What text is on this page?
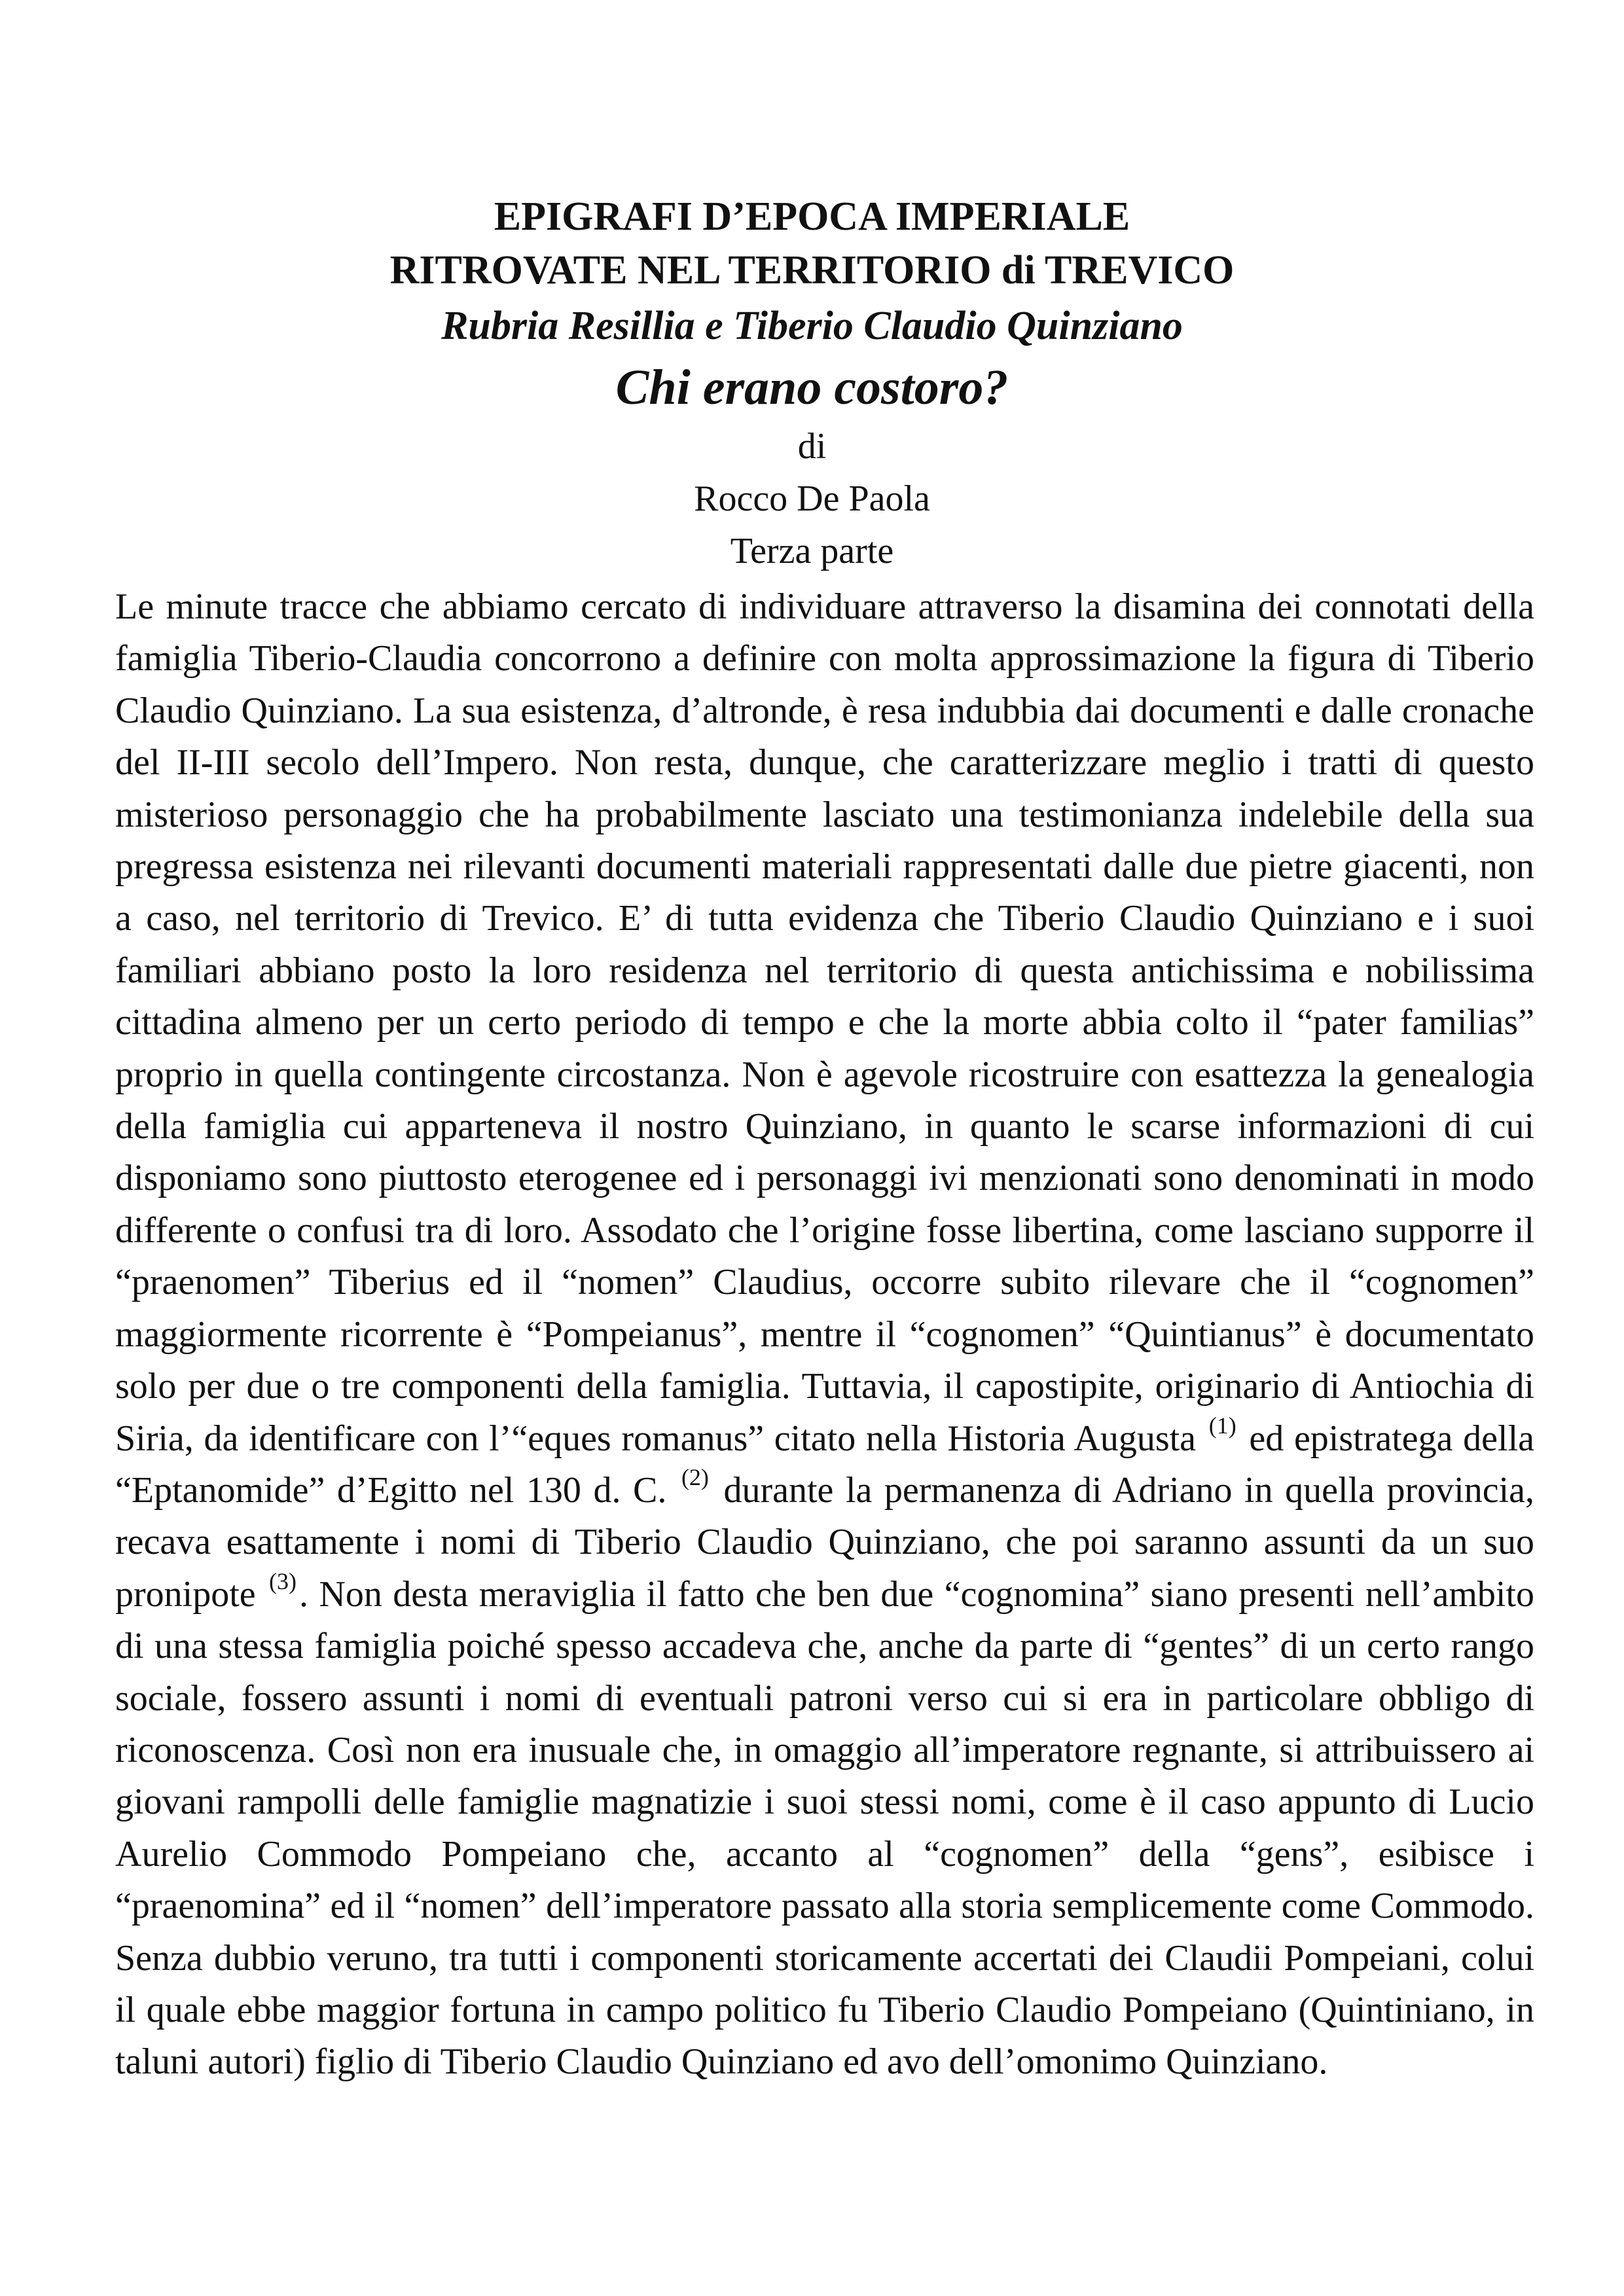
EPIGRAFI D’EPOCA IMPERIALE
RITROVATE NEL TERRITORIO di TREVICO
Rubria Resillia e Tiberio Claudio Quinziano
Chi erano costoro?
di
Rocco De Paola
Terza parte

Le minute tracce che abbiamo cercato di individuare attraverso la disamina dei connotati della famiglia Tiberio-Claudia concorrono a definire con molta approssimazione la figura di Tiberio Claudio Quinziano. La sua esistenza, d’altronde, è resa indubbia dai documenti e dalle cronache del II-III secolo dell’Impero. Non resta, dunque, che caratterizzare meglio i tratti di questo misterioso personaggio che ha probabilmente lasciato una testimonianza indelebile della sua pregressa esistenza nei rilevanti documenti materiali rappresentati dalle due pietre giacenti, non a caso, nel territorio di Trevico. E’ di tutta evidenza che Tiberio Claudio Quinziano e i suoi familiari abbiano posto la loro residenza nel territorio di questa antichissima e nobilissima cittadina almeno per un certo periodo di tempo e che la morte abbia colto il “pater familias” proprio in quella contingente circostanza. Non è agevole ricostruire con esattezza la genealogia della famiglia cui apparteneva il nostro Quinziano, in quanto le scarse informazioni di cui disponiamo sono piuttosto eterogenee ed i personaggi ivi menzionati sono denominati in modo differente o confusi tra di loro. Assodato che l’origine fosse libertina, come lasciano supporre il “praenomen” Tiberius ed il “nomen” Claudius, occorre subito rilevare che il “cognomen” maggiormente ricorrente è “Pompeianus”, mentre il “cognomen” “Quintianus” è documentato solo per due o tre componenti della famiglia. Tuttavia, il capostipite, originario di Antiochia di Siria, da identificare con l’“eques romanus” citato nella Historia Augusta $^{(1)}$ ed epistratega della “Eptanomide” d’Egitto nel 130 d. C. $^{(2)}$ durante la permanenza di Adriano in quella provincia, recava esattamente i nomi di Tiberio Claudio Quinziano, che poi saranno assunti da un suo pronipote $^{(3)}$. Non desta meraviglia il fatto che ben due “cognomina” siano presenti nell’ambito di una stessa famiglia poiché spesso accadeva che, anche da parte di “gentes” di un certo rango sociale, fossero assunti i nomi di eventuali patroni verso cui si era in particolare obbligo di riconoscenza. Così non era inusuale che, in omaggio all’imperatore regnante, si attribuissero ai giovani rampolli delle famiglie magnatizie i suoi stessi nomi, come è il caso appunto di Lucio Aurelio Commodo Pompeiano che, accanto al “cognomen” della “gens”, esibisce i “praenomina” ed il “nomen” dell’imperatore passato alla storia semplicemente come Commodo. Senza dubbio veruno, tra tutti i componenti storicamente accertati dei Claudii Pompeiani, colui il quale ebbe maggior fortuna in campo politico fu Tiberio Claudio Pompeiano (Quintiniano, in taluni autori) figlio di Tiberio Claudio Quinziano ed avo dell’omonimo Quinziano.
